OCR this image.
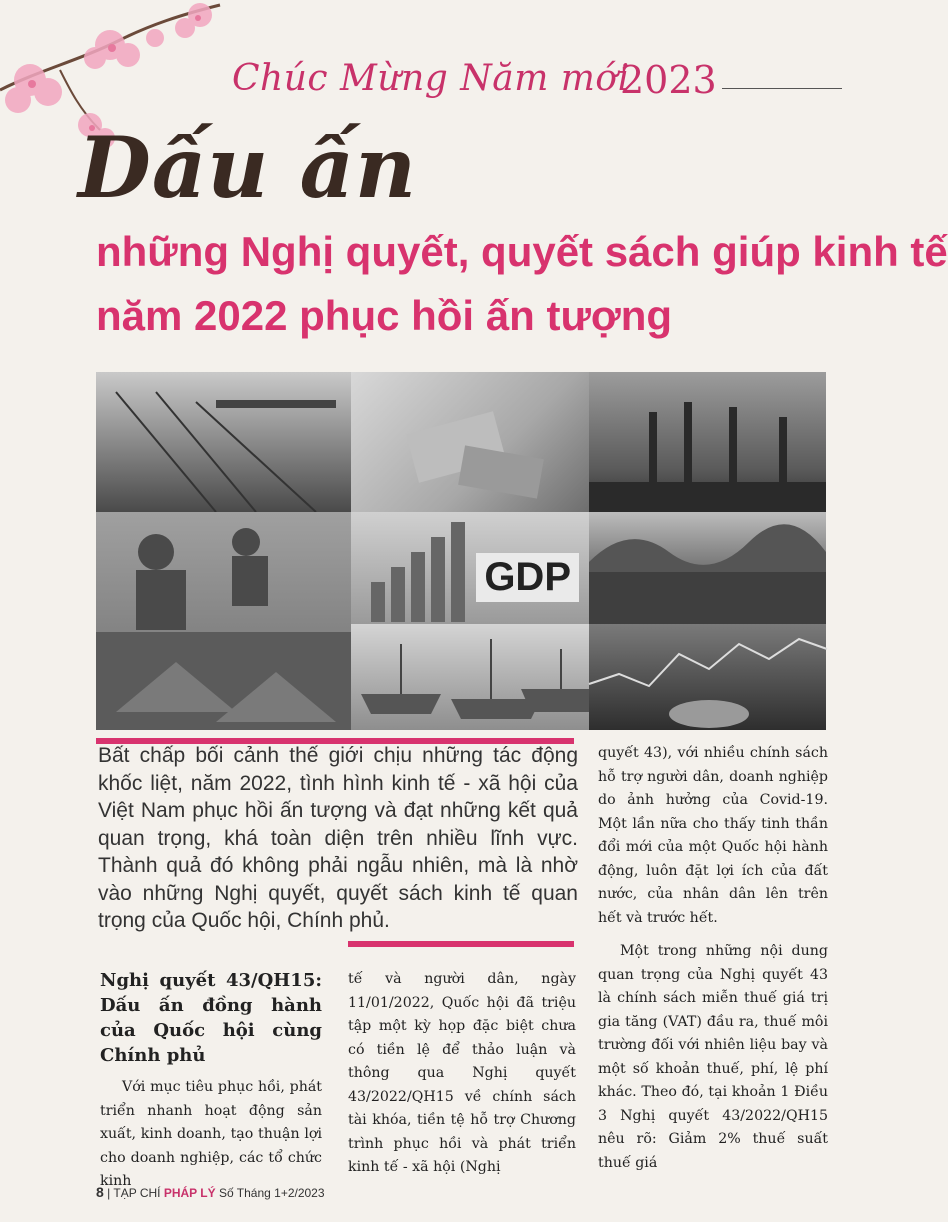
Chúc Mừng Năm mới
2023
Dấu ấn
những Nghị quyết, quyết sách giúp kinh tế
năm 2022 phục hồi ấn tượng
GDP
Bất chấp bối cảnh thế giới chịu những tác động khốc liệt, năm 2022, tình hình kinh tế - xã hội của Việt Nam phục hồi ấn tượng và đạt những kết quả quan trọng, khá toàn diện trên nhiều lĩnh vực. Thành quả đó không phải ngẫu nhiên, mà là nhờ vào những Nghị quyết, quyết sách kinh tế quan trọng của Quốc hội, Chính phủ.
Nghị quyết 43/QH15: Dấu ấn đồng hành của Quốc hội cùng Chính phủ

Với mục tiêu phục hồi, phát triển nhanh hoạt động sản xuất, kinh doanh, tạo thuận lợi cho doanh nghiệp, các tổ chức kinh

tế và người dân, ngày 11/01/2022, Quốc hội đã triệu tập một kỳ họp đặc biệt chưa có tiền lệ để thảo luận và thông qua Nghị quyết 43/2022/QH15 về chính sách tài khóa, tiền tệ hỗ trợ Chương trình phục hồi và phát triển kinh tế - xã hội (Nghị

quyết 43), với nhiều chính sách hỗ trợ người dân, doanh nghiệp do ảnh hưởng của Covid-19. Một lần nữa cho thấy tinh thần đổi mới của một Quốc hội hành động, luôn đặt lợi ích của đất nước, của nhân dân lên trên hết và trước hết.

Một trong những nội dung quan trọng của Nghị quyết 43 là chính sách miễn thuế giá trị gia tăng (VAT) đầu ra, thuế môi trường đối với nhiên liệu bay và một số khoản thuế, phí, lệ phí khác. Theo đó, tại khoản 1 Điều 3 Nghị quyết 43/2022/QH15 nêu rõ: Giảm 2% thuế suất thuế giá

8 | TẠP CHÍ PHÁP LÝ Số Tháng 1+2/2023
